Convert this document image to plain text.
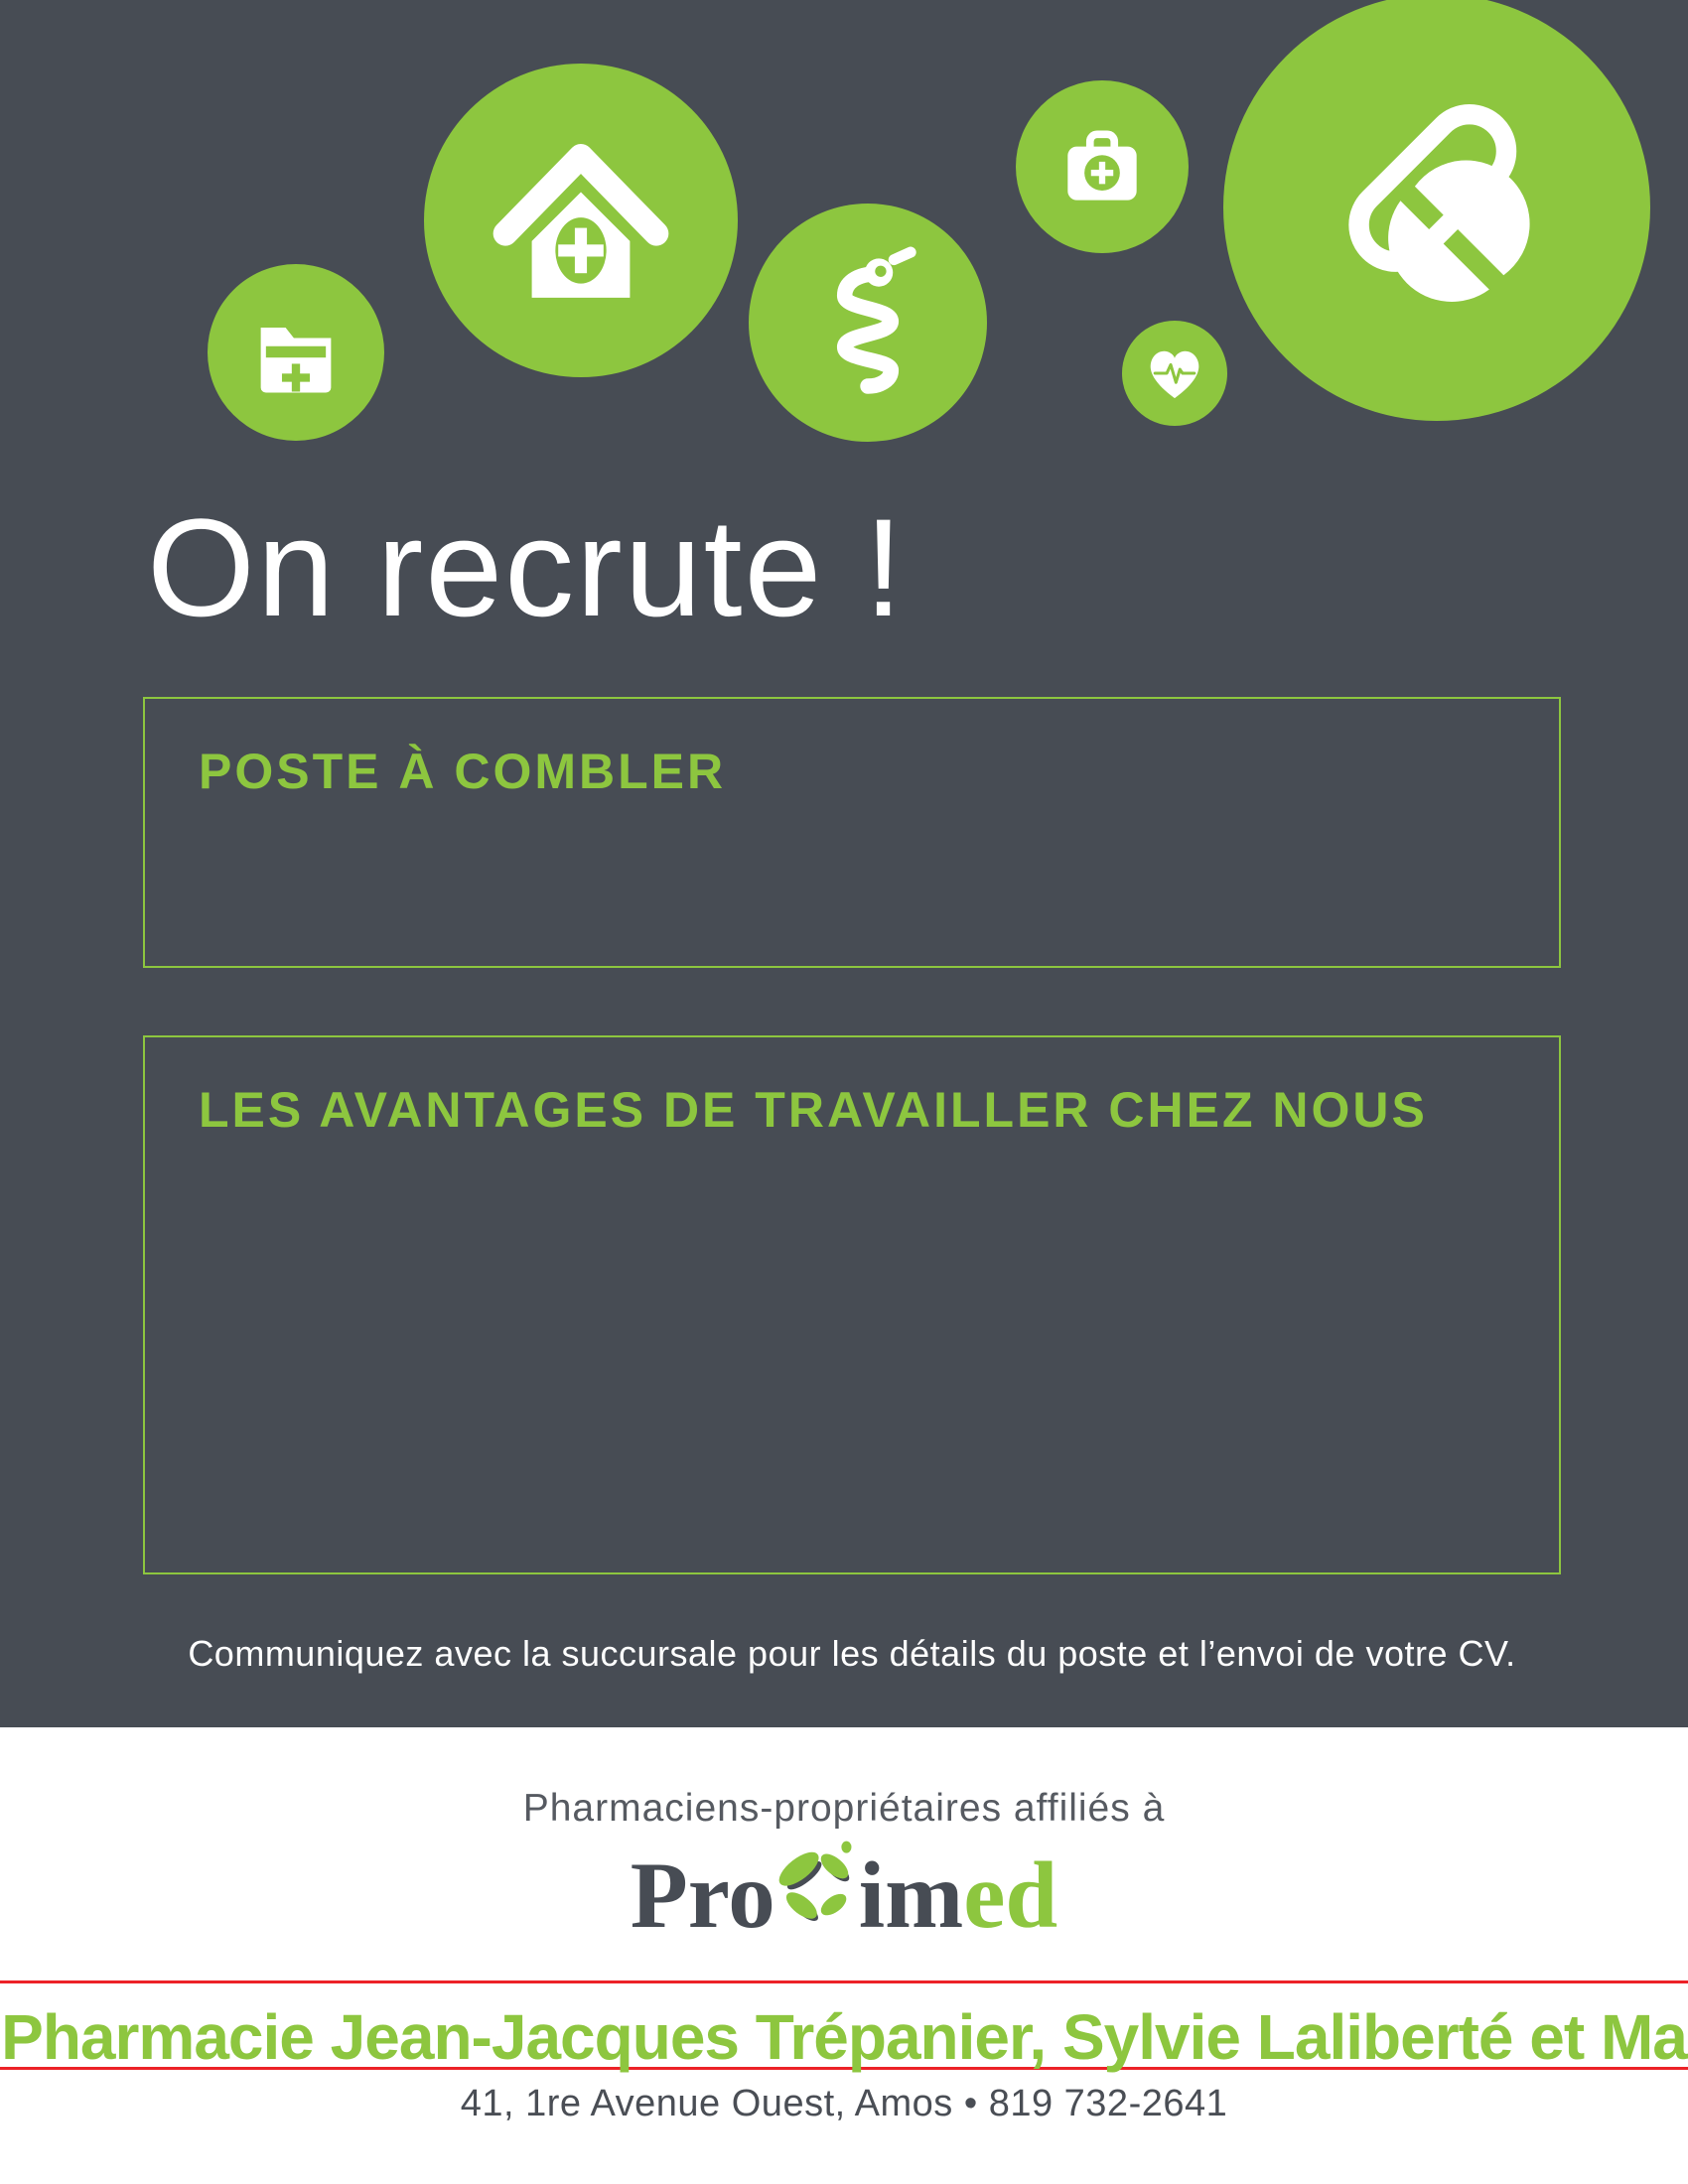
On recrute !
POSTE À COMBLER
LES AVANTAGES DE TRAVAILLER CHEZ NOUS
Communiquez avec la succursale pour les détails du poste et l’envoi de votre CV.
Pharmaciens-propriétaires affiliés à
Pro im ed
Pharmacie Jean-Jacques Trépanier, Sylvie Laliberté et Ma
41, 1re Avenue Ouest, Amos • 819 732-2641
